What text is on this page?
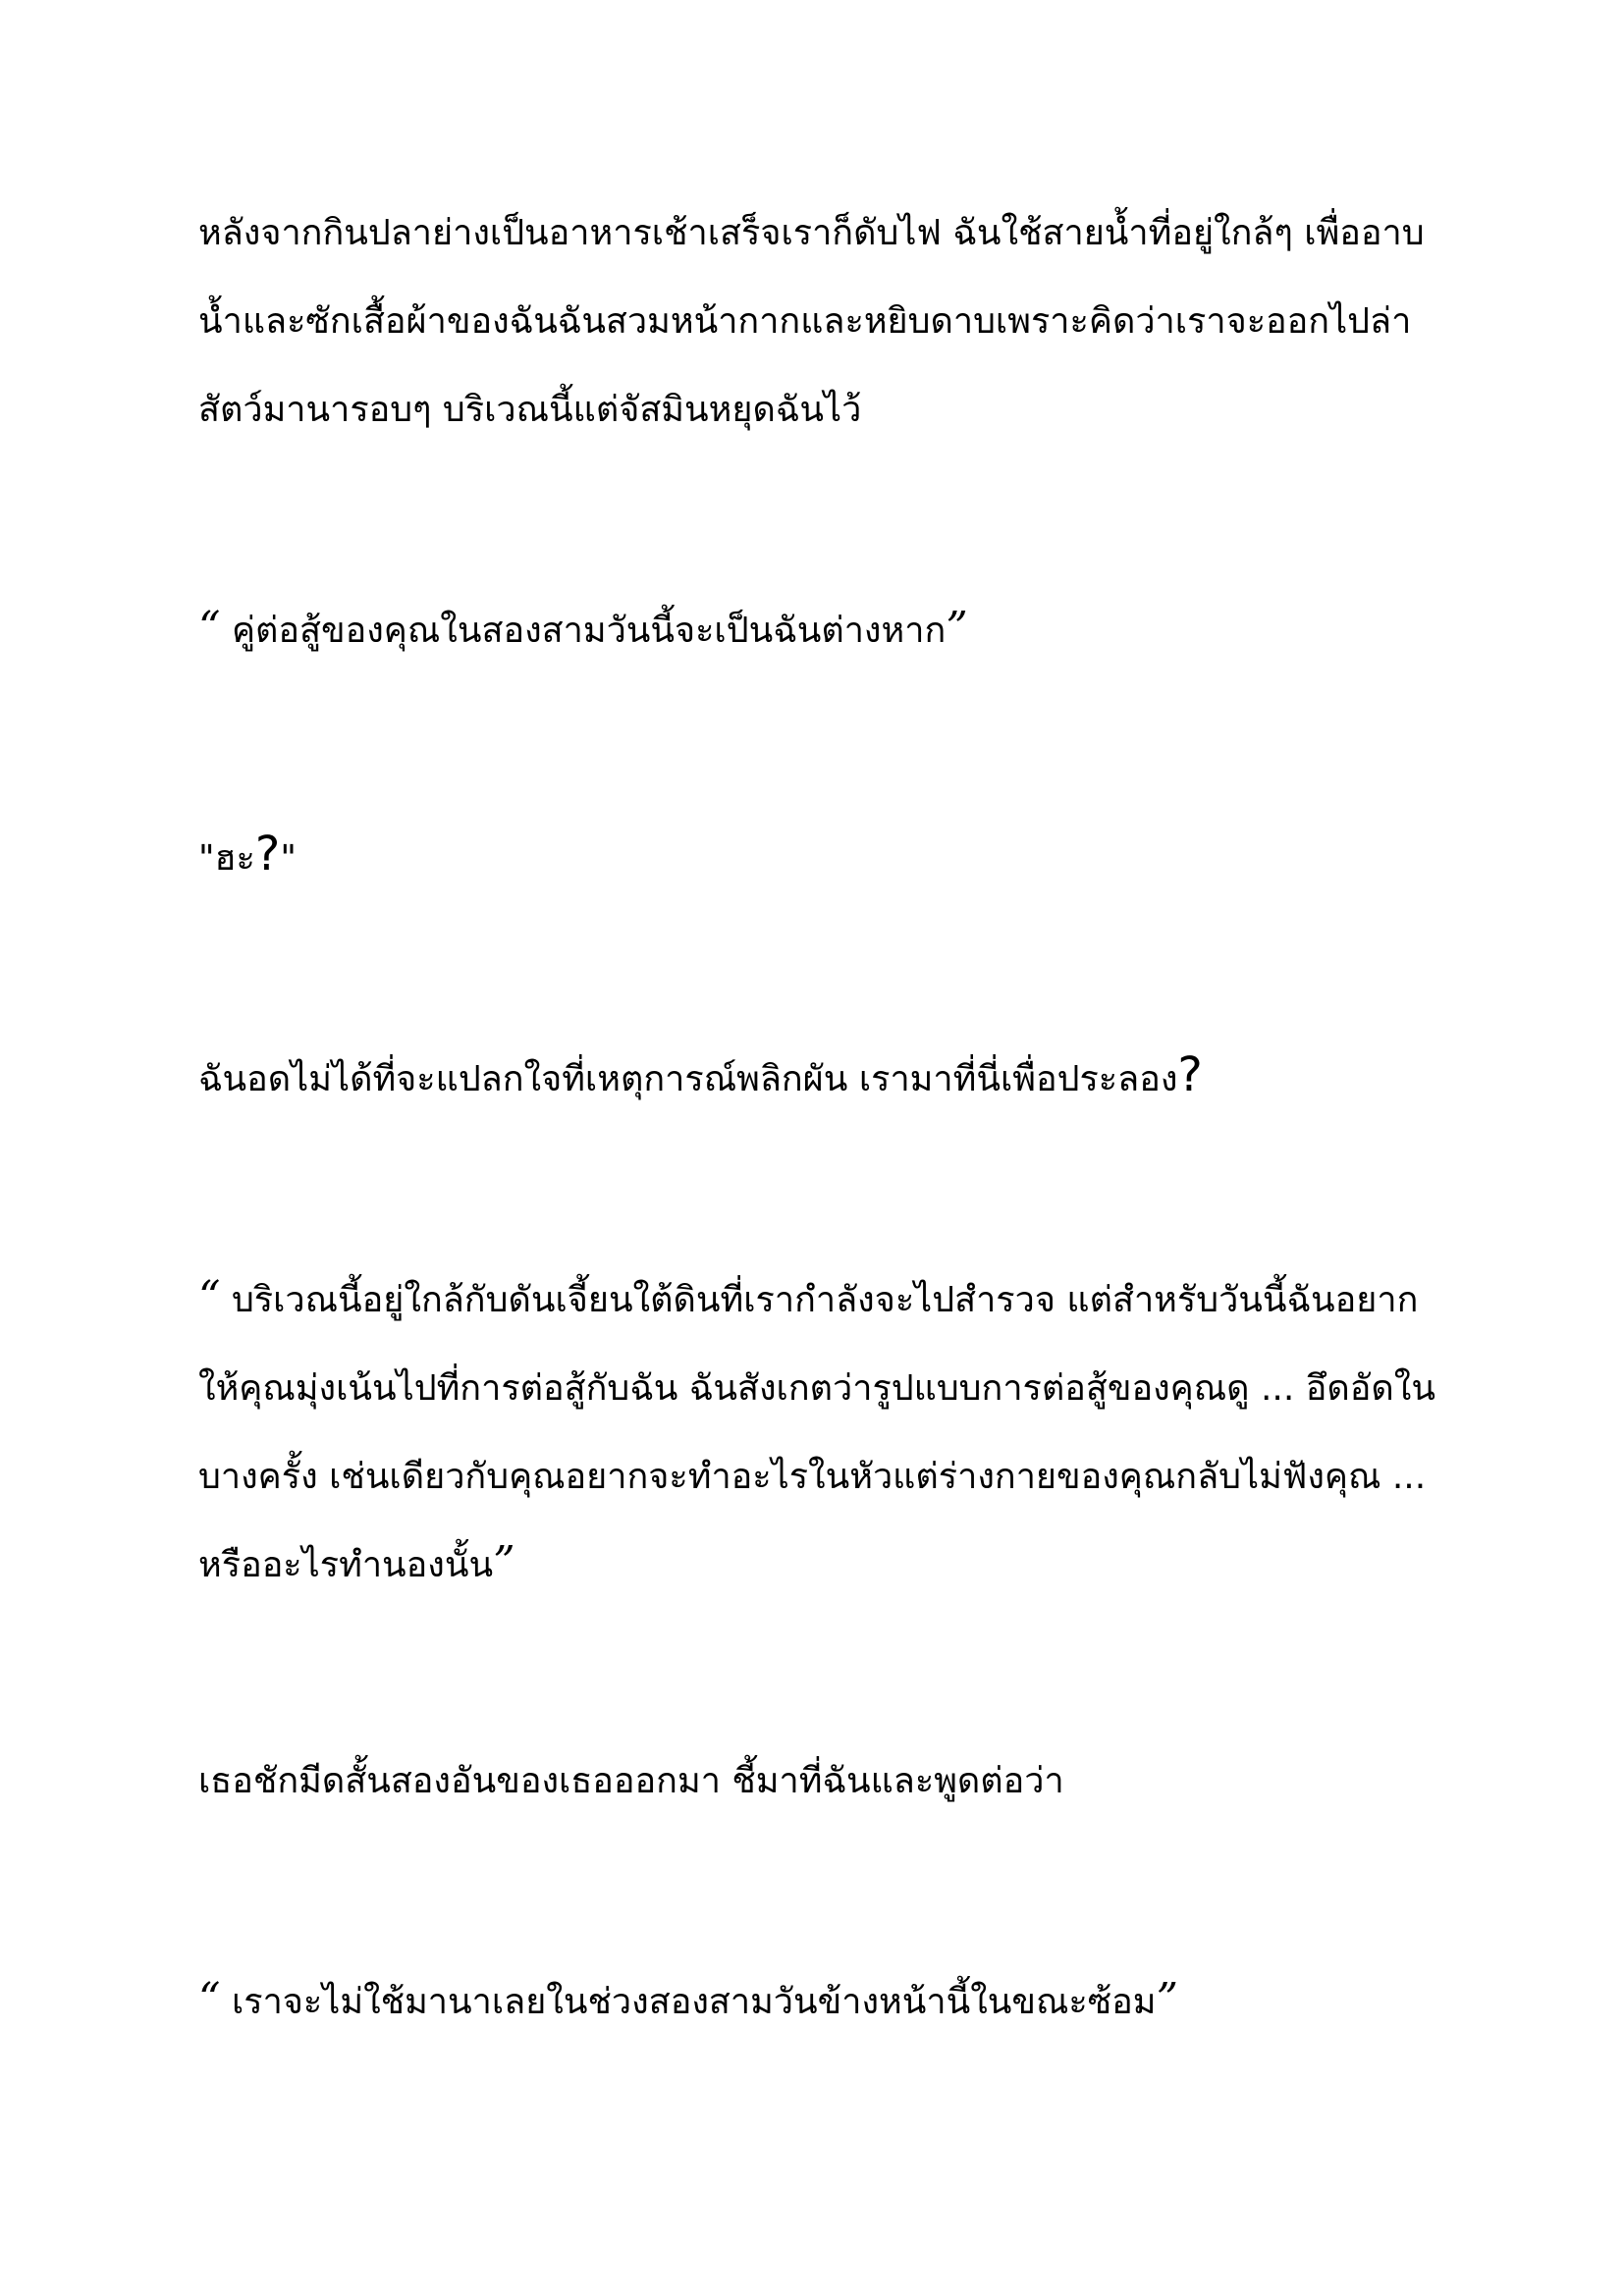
หลังจากกินปลาย่างเป็นอาหารเช้าเสร็จเราก็ดับไฟ ฉันใช้สายน้ำที่อยู่ใกล้ๆ เพื่ออาบน้ำและซักเสื้อผ้าของฉันฉันสวมหน้ากากและหยิบดาบเพราะคิดว่าเราจะออกไปล่าสัตว์มานารอบๆ บริเวณนี้แต่จัสมินหยุดฉันไว้

“ คู่ต่อสู้ของคุณในสองสามวันนี้จะเป็นฉันต่างหาก”

"ฮะ?"

ฉันอดไม่ได้ที่จะแปลกใจที่เหตุการณ์พลิกผัน เรามาที่นี่เพื่อประลอง?

“ บริเวณนี้อยู่ใกล้กับดันเจี้ยนใต้ดินที่เรากำลังจะไปสำรวจ แต่สำหรับวันนี้ฉันอยากให้คุณมุ่งเน้นไปที่การต่อสู้กับฉัน ฉันสังเกตว่ารูปแบบการต่อสู้ของคุณดู ... อึดอัดในบางครั้ง เช่นเดียวกับคุณอยากจะทำอะไรในหัวแต่ร่างกายของคุณกลับไม่ฟังคุณ ... หรืออะไรทำนองนั้น”

เธอชักมีดสั้นสองอันของเธอออกมา ชี้มาที่ฉันและพูดต่อว่า

“ เราจะไม่ใช้มานาเลยในช่วงสองสามวันข้างหน้านี้ในขณะซ้อม”
